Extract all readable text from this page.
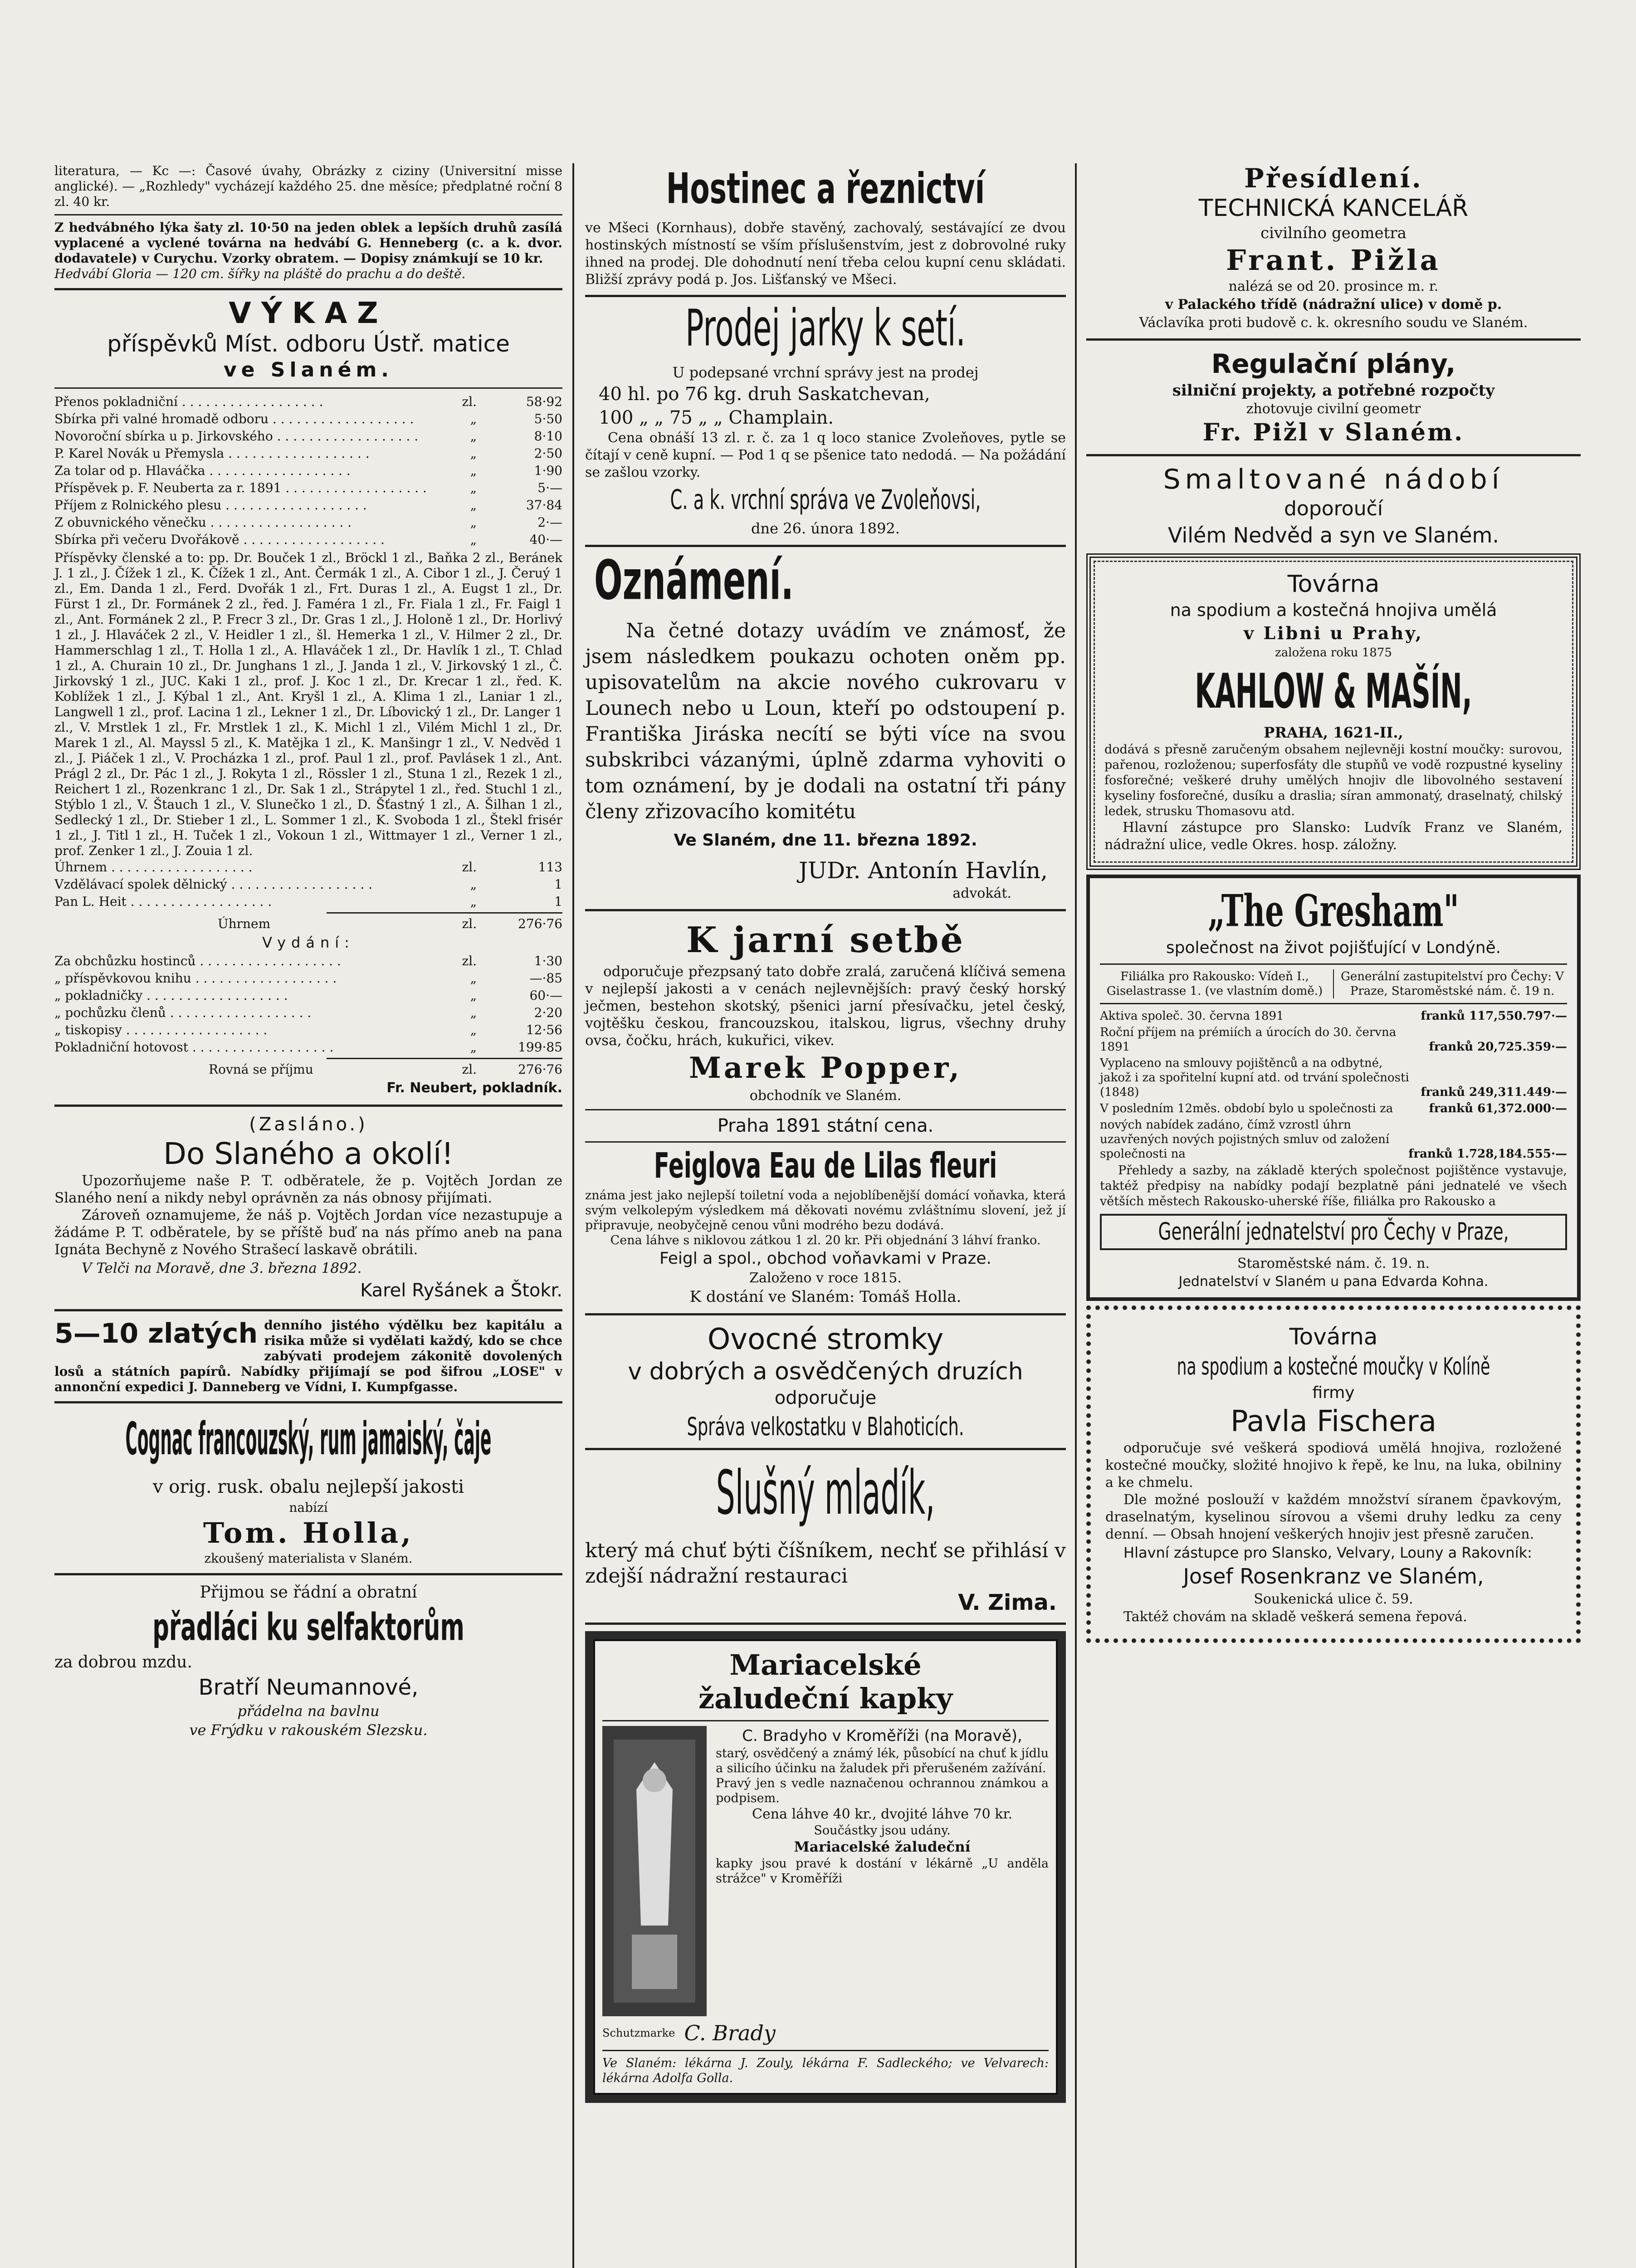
literatura, — Kc —: Časové úvahy, Obrázky z ciziny (Universitní misse anglické). — „Rozhledy" vycházejí každého 25. dne měsíce; předplatné roční 8 zl. 40 kr.

Z hedvábného lýka šaty zl. 10·50 na jeden oblek a lepších druhů zasílá vyplacené a vyclené továrna na hedvábí G. Henneberg (c. a k. dvor. dodavatele) v Curychu. Vzorky obratem. — Dopisy známkují se 10 kr.

Hedvábí Gloria — 120 cm. šířky na pláště do prachu a do deště.

VÝKAZ

příspěvků Míst. odboru Ústř. matice

ve Slaném.

Přenos pokladniční . . . . . . . . . . . . . . . . . .	zl.	58·92
Sbírka při valné hromadě odboru . . . . . . . . . . . . . . . . . .	„	5·50
Novoroční sbírka u p. Jirkovského . . . . . . . . . . . . . . . . . .	„	8·10
P. Karel Novák u Přemysla . . . . . . . . . . . . . . . . . .	„	2·50
Za tolar od p. Hlaváčka . . . . . . . . . . . . . . . . . .	„	1·90
Příspěvek p. F. Neuberta za r. 1891 . . . . . . . . . . . . . . . . . .	„	5·—
Příjem z Rolnického plesu . . . . . . . . . . . . . . . . . .	„	37·84
Z obuvnického věnečku . . . . . . . . . . . . . . . . . .	„	2·—
Sbírka při večeru Dvořákově . . . . . . . . . . . . . . . . . .	„	40·—

Příspěvky členské a to: pp. Dr. Bouček 1 zl., Bröckl 1 zl., Baňka 2 zl., Beránek J. 1 zl., J. Čížek 1 zl., K. Čížek 1 zl., Ant. Čermák 1 zl., A. Cibor 1 zl., J. Čeruý 1 zl., Em. Danda 1 zl., Ferd. Dvořák 1 zl., Frt. Duras 1 zl., A. Eugst 1 zl., Dr. Fürst 1 zl., Dr. Formánek 2 zl., řed. J. Faméra 1 zl., Fr. Fiala 1 zl., Fr. Faigl 1 zl., Ant. Formánek 2 zl., P. Frecr 3 zl., Dr. Gras 1 zl., J. Holoně 1 zl., Dr. Horlivý 1 zl., J. Hlaváček 2 zl., V. Heidler 1 zl., šl. Hemerka 1 zl., V. Hilmer 2 zl., Dr. Hammerschlag 1 zl., T. Holla 1 zl., A. Hlaváček 1 zl., Dr. Havlík 1 zl., T. Chlad 1 zl., A. Churain 10 zl., Dr. Junghans 1 zl., J. Janda 1 zl., V. Jirkovský 1 zl., Č. Jirkovský 1 zl., JUC. Kaki 1 zl., prof. J. Koc 1 zl., Dr. Krecar 1 zl., řed. K. Koblížek 1 zl., J. Kýbal 1 zl., Ant. Kryšl 1 zl., A. Klima 1 zl., Laniar 1 zl., Langwell 1 zl., prof. Lacina 1 zl., Lekner 1 zl., Dr. Líbovický 1 zl., Dr. Langer 1 zl., V. Mrstlek 1 zl., Fr. Mrstlek 1 zl., K. Michl 1 zl., Vilém Michl 1 zl., Dr. Marek 1 zl., Al. Mayssl 5 zl., K. Matějka 1 zl., K. Manšingr 1 zl., V. Nedvěd 1 zl., J. Piáček 1 zl., V. Procházka 1 zl., prof. Paul 1 zl., prof. Pavlásek 1 zl., Ant. Prágl 2 zl., Dr. Pác 1 zl., J. Rokyta 1 zl., Rössler 1 zl., Stuna 1 zl., Rezek 1 zl., Reichert 1 zl., Rozenkranc 1 zl., Dr. Sak 1 zl., Strápytel 1 zl., řed. Stuchl 1 zl., Stýblo 1 zl., V. Štauch 1 zl., V. Slunečko 1 zl., D. Šťastný 1 zl., A. Šilhan 1 zl., Sedlecký 1 zl., Dr. Stieber 1 zl., L. Sommer 1 zl., K. Svoboda 1 zl., Štekl frisér 1 zl., J. Titl 1 zl., H. Tuček 1 zl., Vokoun 1 zl., Wittmayer 1 zl., Verner 1 zl., prof. Zenker 1 zl., J. Zouia 1 zl.

Úhrnem . . . . . . . . . . . . . . . . . .	zl.	113
Vzdělávací spolek dělnický . . . . . . . . . . . . . . . . . .	„	1
Pan L. Heit . . . . . . . . . . . . . . . . . .	„	1
Úhrnem	zl.	276·76

Vydání:

Za obchůzku hostinců . . . . . . . . . . . . . . . . . .	zl.	1·30
„ příspěvkovou knihu . . . . . . . . . . . . . . . . . .	„	—·85
„ pokladničky . . . . . . . . . . . . . . . . . .	„	60·—
„ pochůzku členů . . . . . . . . . . . . . . . . . .	„	2·20
„ tiskopisy . . . . . . . . . . . . . . . . . .	„	12·56
Pokladniční hotovost . . . . . . . . . . . . . . . . . .	„	199·85
Rovná se příjmu	zl.	276·76

Fr. Neubert, pokladník.

(Zasláno.)

Do Slaného a okolí!

Upozorňujeme naše P. T. odběratele, že p. Vojtěch Jordan ze Slaného není a nikdy nebyl oprávněn za nás obnosy přijímati.

Zároveň oznamujeme, že náš p. Vojtěch Jordan více nezastupuje a žádáme P. T. odběratele, by se příště buď na nás přímo aneb na pana Ignáta Bechyně z Nového Strašecí laskavě obrátili.

V Telči na Moravě, dne 3. března 1892.

Karel Ryšánek a Štokr.

5—10 zlatých denního jistého výdělku bez kapitálu a risika může si vydělati každý, kdo se chce zabývati prodejem zákonitě dovolených losů a státních papírů. Nabídky přijímají se pod šifrou „LOSE" v annonční expedici J. Danneberg ve Vídni, I. Kumpfgasse.

Cognac francouzský, rum jamaiský, čaje

v orig. rusk. obalu nejlepší jakosti

nabízí

Tom. Holla,

zkoušený materialista v Slaném.

Přijmou se řádní a obratní

přadláci ku selfaktorům

za dobrou mzdu.

Bratří Neumannové,

přádelna na bavlnu

ve Frýdku v rakouském Slezsku.

Hostinec a řeznictví

ve Mšeci (Kornhaus), dobře stavěný, zachovalý, sestávající ze dvou hostinských místností se vším příslušenstvím, jest z dobrovolné ruky ihned na prodej. Dle dohodnutí není třeba celou kupní cenu skládati. Bližší zprávy podá p. Jos. Lišťanský ve Mšeci.

Prodej jarky k setí.

U podepsané vrchní správy jest na prodej

40 hl. po 76 kg. druh Saskatchevan,

100 „ „ 75 „ „ Champlain.

Cena obnáší 13 zl. r. č. za 1 q loco stanice Zvoleňoves, pytle se čítají v ceně kupní. — Pod 1 q se pšenice tato nedodá. — Na požádání se zašlou vzorky.

C. a k. vrchní správa ve Zvoleňovsi,

dne 26. února 1892.

Oznámení.

Na četné dotazy uvádím ve známosť, že jsem následkem poukazu ochoten oněm pp. upisovatelům na akcie nového cukrovaru v Lounech nebo u Loun, kteří po odstoupení p. Františka Jiráska necítí se býti více na svou subskribci vázanými, úplně zdarma vyhoviti o tom oznámení, by je dodali na ostatní tři pány členy zřizovacího komitétu

Ve Slaném, dne 11. března 1892.

JUDr. Antonín Havlín,

advokát.

K jarní setbě

odporučuje přezpsaný tato dobře zralá, zaručená klíčivá semena v nejlepší jakosti a v cenách nejlevnějších: pravý český horský ječmen, bestehon skotský, pšenici jarní přesívačku, jetel český, vojtěšku českou, francouzskou, italskou, ligrus, všechny druhy ovsa, čočku, hrách, kukuřici, vikev.

Marek Popper,

obchodník ve Slaném.

Praha 1891 státní cena.

Feiglova Eau de Lilas fleuri

známa jest jako nejlepší toiletní voda a nejoblíbenější domácí voňavka, která svým velkolepým výsledkem má děkovati novému zvláštnímu slovení, jež jí připravuje, neobyčejně cenou vůni modrého bezu dodává.

Cena láhve s niklovou zátkou 1 zl. 20 kr. Při objednání 3 láhví franko.

Feigl a spol., obchod voňavkami v Praze.

Založeno v roce 1815.

K dostání ve Slaném: Tomáš Holla.

Ovocné stromky

v dobrých a osvědčených druzích

odporučuje

Správa velkostatku v Blahoticích.
Slušný mladík,

který má chuť býti číšníkem, nechť se přihlásí v zdejší nádražní restauraci

V. Zima.

Mariacelské

žaludeční kapky

C. Bradyho v Kroměříži (na Moravě),

starý, osvědčený a známý lék, působící na chuť k jídlu a silicího účinku na žaludek při přerušeném zažívání.

Pravý jen s vedle naznačenou ochrannou známkou a podpisem.

Cena láhve 40 kr., dvojité láhve 70 kr.

Součástky jsou udány.

Mariacelské žaludeční

kapky jsou pravé k dostání v lékárně „U anděla strážce" v Kroměříži

Schutzmarke C. Brady

Ve Slaném: lékárna J. Zouly, lékárna F. Sadleckého; ve Velvarech: lékárna Adolfa Golla.

Přesídlení.

TECHNICKÁ KANCELÁŘ

civilního geometra

Frant. Pižla

nalézá se od 20. prosince m. r.

v Palackého třídě (nádražní ulice) v domě p.

Václavíka proti budově c. k. okresního soudu ve Slaném.

Regulační plány,

silniční projekty, a potřebné rozpočty

zhotovuje civilní geometr

Fr. Pižl v Slaném.

Smaltované nádobí

doporoučí

Vilém Nedvěd a syn ve Slaném.

Továrna

na spodium a kostečná hnojiva umělá

v Libni u Prahy,

založena roku 1875

KAHLOW & MAŠÍN,

PRAHA, 1621-II.,

dodává s přesně zaručeným obsahem nejlevněji kostní moučky: surovou, pařenou, rozloženou; superfosfáty dle stupňů ve vodě rozpustné kyseliny fosforečné; veškeré druhy umělých hnojiv dle libovolného sestavení kyseliny fosforečné, dusíku a draslia; síran ammonatý, draselnatý, chilský ledek, strusku Thomasovu atd.

Hlavní zástupce pro Slansko: Ludvík Franz ve Slaném, nádražní ulice, vedle Okres. hosp. záložny.

„The Gresham"

společnost na život pojišťující v Londýně.

Filiálka pro Rakousko: Vídeň I., Giselastrasse 1. (ve vlastním domě.)

Generální zastupitelství pro Čechy: V Praze, Staroměstské nám. č. 19 n.

Aktiva společ. 30. června 1891	franků 117,550.797·—
Roční příjem na prémiích a úrocích do 30. června 1891	franků 20,725.359·—
Vyplaceno na smlouvy pojištěnců a na odbytné, jakož i za spořitelní kupní atd. od trvání společnosti (1848)	franků 249,311.449·—
V posledním 12měs. období bylo u společnosti za	franků 61,372.000·—
nových nabídek zadáno, čímž vzrostl úhrn uzavřených nových pojistných smluv od založení společnosti na	franků 1.728,184.555·—

Přehledy a sazby, na základě kterých společnost pojištěnce vystavuje, taktéž předpisy na nabídky podají bezplatně páni jednatelé ve všech větších městech Rakousko-uherské říše, filiálka pro Rakousko a

Generální jednatelství pro Čechy v Praze,

Staroměstské nám. č. 19. n.

Jednatelství v Slaném u pana Edvarda Kohna.

Továrna

na spodium a kostečné moučky v Kolíně

firmy

Pavla Fischera

odporučuje své veškerá spodiová umělá hnojiva, rozložené kostečné moučky, složité hnojivo k řepě, ke lnu, na luka, obilniny a ke chmelu.

Dle možné poslouží v každém množství síranem čpavkovým, draselnatým, kyselinou sírovou a všemi druhy ledku za ceny denní. — Obsah hnojení veškerých hnojiv jest přesně zaručen.

Hlavní zástupce pro Slansko, Velvary, Louny a Rakovník:

Josef Rosenkranz ve Slaném,

Soukenická ulice č. 59.

Taktéž chovám na skladě veškerá semena řepová.
